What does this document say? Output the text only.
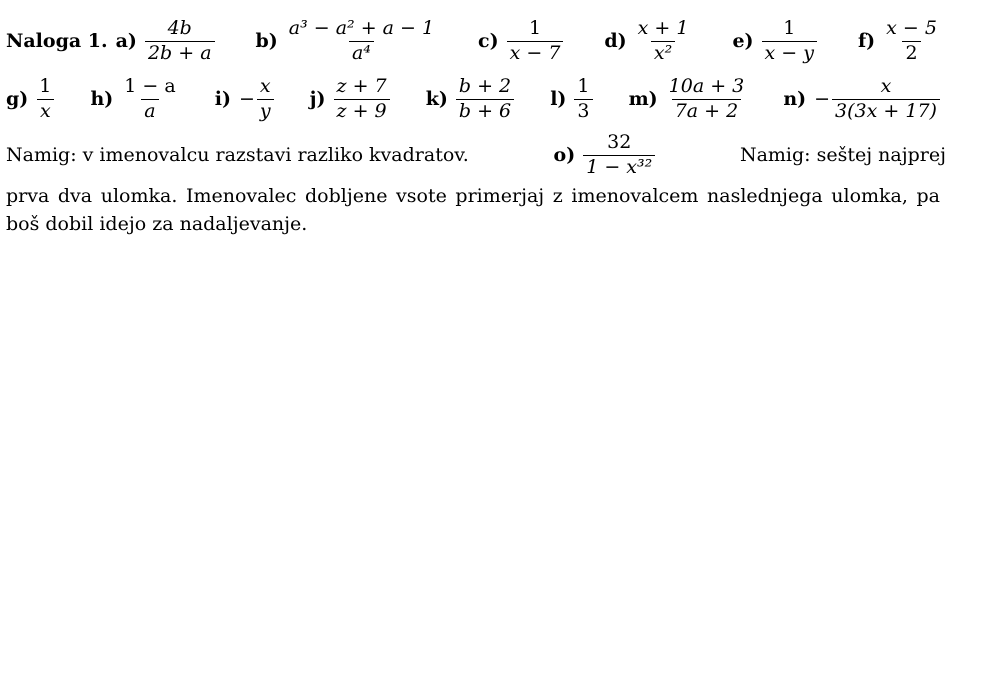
Naloga 1. $a) \frac{4b}{2b + a} b) \frac{\text{a³ − a² + a − 1}}{\text{a⁴}} c) \frac{1}{x - 7} d) \frac{x + 1}{\text{x²}} e) \frac{1}{x - y} f) \frac{x - 5}{2}$
$g) \frac{1}{x} h) \frac{1 - a}{a} i) - \frac{x}{y} j) \frac{z + 7}{z + 9} k) \frac{b + 2}{b + 6} l) \frac{1}{3} m) \frac{10a + 3}{7a + 2} n) - \frac{x}{3(3x + 17)}$
Namig: v imenovalcu razstavi razliko kvadratov.	$o) \frac{32}{\text{1 − x³²}}$	Namig: seštej najprej
prva dva ulomka. Imenovalec dobljene vsote primerjaj z imenovalcem naslednjega ulomka, pa boš dobil idejo za nadaljevanje.
